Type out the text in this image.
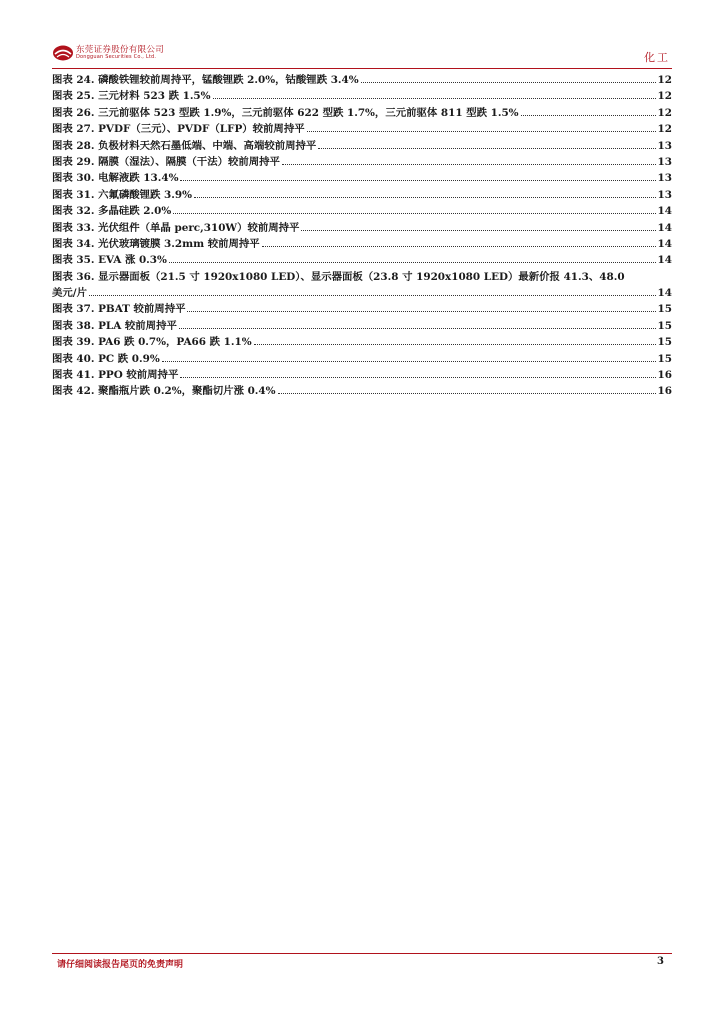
东莞证券股份有限公司
Dongguan Securities Co., Ltd.	化工
图表 24. 磷酸铁锂较前周持平，锰酸锂跌 2.0%，钴酸锂跌 3.4%	12
图表 25. 三元材料 523 跌 1.5%	12
图表 26. 三元前驱体 523 型跌 1.9%，三元前驱体 622 型跌 1.7%，三元前驱体 811 型跌 1.5%	12
图表 27. PVDF（三元）、PVDF（LFP）较前周持平	12
图表 28. 负极材料天然石墨低端、中端、高端较前周持平	13
图表 29. 隔膜（湿法）、隔膜（干法）较前周持平	13
图表 30. 电解液跌 13.4%	13
图表 31. 六氟磷酸锂跌 3.9%	13
图表 32. 多晶硅跌 2.0%	14
图表 33. 光伏组件（单晶 perc,310W）较前周持平	14
图表 34. 光伏玻璃镀膜 3.2mm 较前周持平	14
图表 35. EVA 涨 0.3%	14
图表 36. 显示器面板（21.5 寸 1920x1080 LED）、显示器面板（23.8 寸 1920x1080 LED）最新价报 41.3、48.0
美元/片	14
图表 37. PBAT 较前周持平	15
图表 38. PLA 较前周持平	15
图表 39. PA6 跌 0.7%，PA66 跌 1.1%	15
图表 40. PC 跌 0.9%	15
图表 41. PPO 较前周持平	16
图表 42. 聚酯瓶片跌 0.2%，聚酯切片涨 0.4%	16
请仔细阅读报告尾页的免责声明	3
